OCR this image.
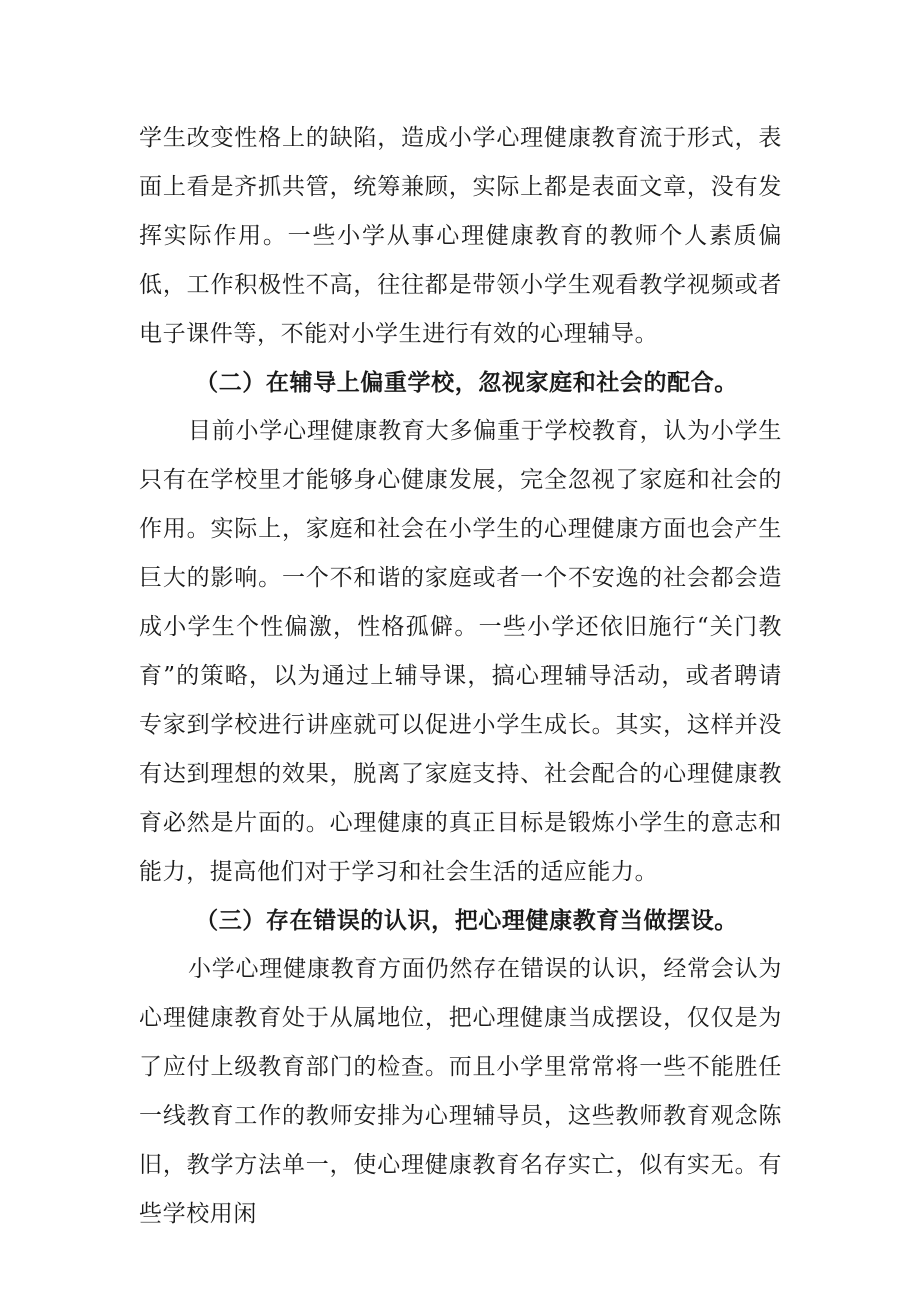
学生改变性格上的缺陷，造成小学心理健康教育流于形式，表面上看是齐抓共管，统筹兼顾，实际上都是表面文章，没有发挥实际作用。一些小学从事心理健康教育的教师个人素质偏低，工作积极性不高，往往都是带领小学生观看教学视频或者电子课件等，不能对小学生进行有效的心理辅导。

（二）在辅导上偏重学校，忽视家庭和社会的配合。

目前小学心理健康教育大多偏重于学校教育，认为小学生只有在学校里才能够身心健康发展，完全忽视了家庭和社会的作用。实际上，家庭和社会在小学生的心理健康方面也会产生巨大的影响。一个不和谐的家庭或者一个不安逸的社会都会造成小学生个性偏激，性格孤僻。一些小学还依旧施行“关门教育”的策略，以为通过上辅导课，搞心理辅导活动，或者聘请专家到学校进行讲座就可以促进小学生成长。其实，这样并没有达到理想的效果，脱离了家庭支持、社会配合的心理健康教育必然是片面的。心理健康的真正目标是锻炼小学生的意志和能力，提高他们对于学习和社会生活的适应能力。

（三）存在错误的认识，把心理健康教育当做摆设。

小学心理健康教育方面仍然存在错误的认识，经常会认为心理健康教育处于从属地位，把心理健康当成摆设，仅仅是为了应付上级教育部门的检查。而且小学里常常将一些不能胜任一线教育工作的教师安排为心理辅导员，这些教师教育观念陈旧，教学方法单一，使心理健康教育名存实亡，似有实无。有些学校用闲
